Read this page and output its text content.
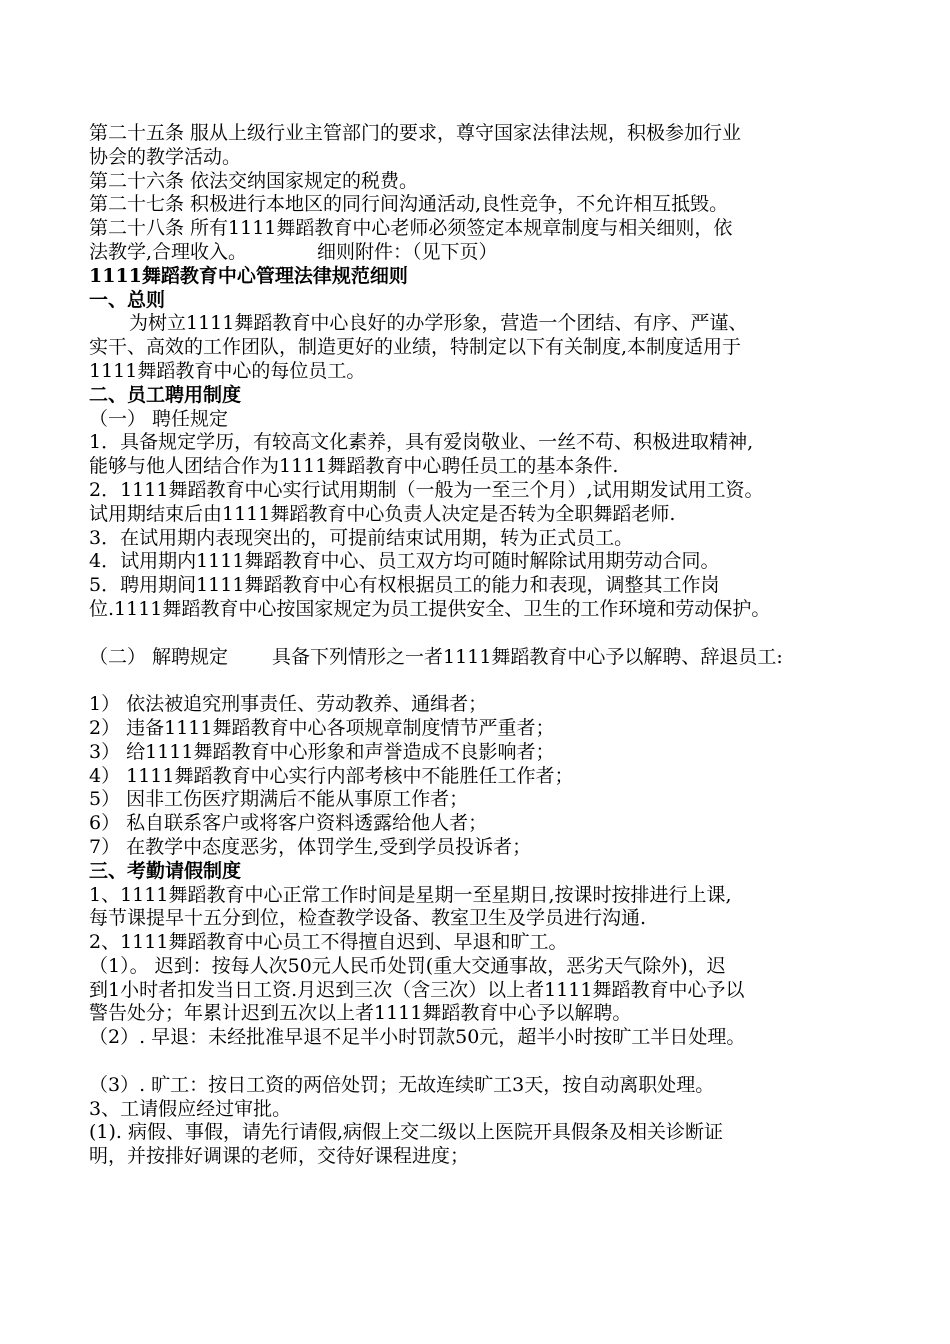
第二十五条 服从上级行业主管部门的要求，尊守国家法律法规，积极参加行业
协会的教学活动。
第二十六条 依法交纳国家规定的税费。
第二十七条 积极进行本地区的同行间沟通活动,良性竞争，不允许相互抵毁。
第二十八条 所有1111舞蹈教育中心老师必须签定本规章制度与相关细则，依
法教学,合理收入。	细则附件：（见下页）
1111舞蹈教育中心管理法律规范细则
一、总则
为树立1111舞蹈教育中心良好的办学形象，营造一个团结、有序、严谨、
实干、高效的工作团队，制造更好的业绩，特制定以下有关制度,本制度适用于
1111舞蹈教育中心的每位员工。
二、员工聘用制度
（一） 聘任规定
1．具备规定学历，有较高文化素养，具有爱岗敬业、一丝不苟、积极进取精神,
能够与他人团结合作为1111舞蹈教育中心聘任员工的基本条件.
2．1111舞蹈教育中心实行试用期制（一般为一至三个月）,试用期发试用工资。
试用期结束后由1111舞蹈教育中心负责人决定是否转为全职舞蹈老师.
3．在试用期内表现突出的，可提前结束试用期，转为正式员工。
4．试用期内1111舞蹈教育中心、员工双方均可随时解除试用期劳动合同。
5．聘用期间1111舞蹈教育中心有权根据员工的能力和表现，调整其工作岗
位.1111舞蹈教育中心按国家规定为员工提供安全、卫生的工作环境和劳动保护。
（二） 解聘规定 具备下列情形之一者1111舞蹈教育中心予以解聘、辞退员工:
1） 依法被追究刑事责任、劳动教养、通缉者；
2） 违备1111舞蹈教育中心各项规章制度情节严重者；
3） 给1111舞蹈教育中心形象和声誉造成不良影响者；
4） 1111舞蹈教育中心实行内部考核中不能胜任工作者；
5） 因非工伤医疗期满后不能从事原工作者；
6） 私自联系客户或将客户资料透露给他人者；
7） 在教学中态度恶劣，体罚学生,受到学员投诉者；
三、考勤请假制度
1、1111舞蹈教育中心正常工作时间是星期一至星期日,按课时按排进行上课,
每节课提早十五分到位，检查教学设备、教室卫生及学员进行沟通.
2、1111舞蹈教育中心员工不得擅自迟到、早退和旷工。
（1）。 迟到：按每人次50元人民币处罚(重大交通事故，恶劣天气除外)，迟
到1小时者扣发当日工资.月迟到三次（含三次）以上者1111舞蹈教育中心予以
警告处分；年累计迟到五次以上者1111舞蹈教育中心予以解聘。
（2）. 早退：未经批准早退不足半小时罚款50元，超半小时按旷工半日处理。
（3）. 旷工：按日工资的两倍处罚；无故连续旷工3天，按自动离职处理。
3、工请假应经过审批。
(1). 病假、事假，请先行请假,病假上交二级以上医院开具假条及相关诊断证
明，并按排好调课的老师，交待好课程进度；
